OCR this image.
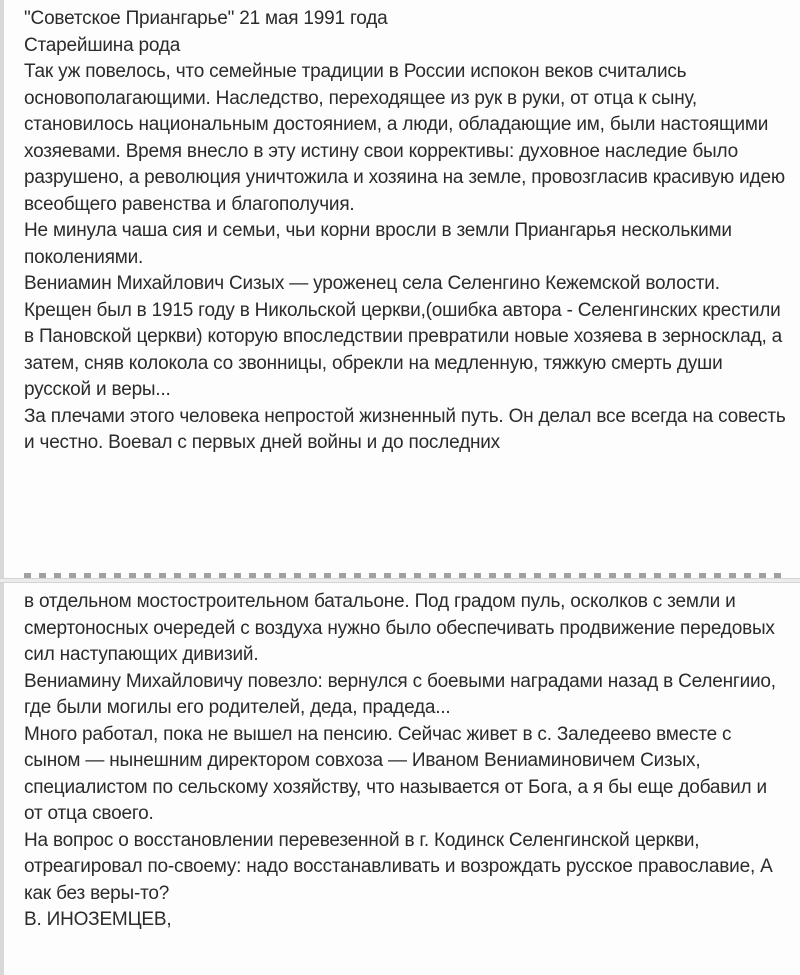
"Советское Приангарье" 21 мая 1991 года

Старейшина рода

Так уж повелось, что семейные традиции в России испокон веков считались основополагающими. Наследство, переходящее из рук в руки, от отца к сыну, становилось национальным достоянием, а люди, обладающие им, были настоящими хозяевами. Время внесло в эту истину свои коррективы: духовное наследие было разрушено, а революция уничтожила и хозяина на земле, провозгласив красивую идею всеобщего равенства и благополучия.

Не минула чаша сия и семьи, чьи корни вросли в земли Приангарья несколькими поколениями.

Вениамин Михайлович Сизых — уроженец села Селенгино Кежемской волости. Крещен был в 1915 году в Никольской церкви,(ошибка автора - Селенгинских крестили в Пановской церкви) которую впоследствии превратили новые хозяева в зерносклад, а затем, сняв колокола со звонницы, обрекли на медленную, тяжкую смерть души русской и веры...

За плечами этого человека непростой жизненный путь. Он делал все всегда на совесть и честно. Воевал с первых дней войны и до последних

в отдельном мостостроительном батальоне. Под градом пуль, осколков с земли и смертоносных очередей с воздуха нужно было обеспечивать продвижение передовых сил наступающих дивизий.

Вениамину Михайловичу повезло: вернулся с боевыми наградами назад в Селенгиио, где были могилы его родителей, деда, прадеда...

Много работал, пока не вышел на пенсию. Сейчас живет в с. Заледеево вместе с сыном — нынешним директором совхоза — Иваном Вениаминовичем Сизых, специалистом по сельскому хозяйству, что называется от Бога, а я бы еще добавил и от отца своего.

На вопрос о восстановлении перевезенной в г. Кодинск Селенгинской церкви, отреагировал по-своему: надо восстанавливать и возрождать русское православие, А как без веры-то?

В. ИНОЗЕМЦЕВ,
